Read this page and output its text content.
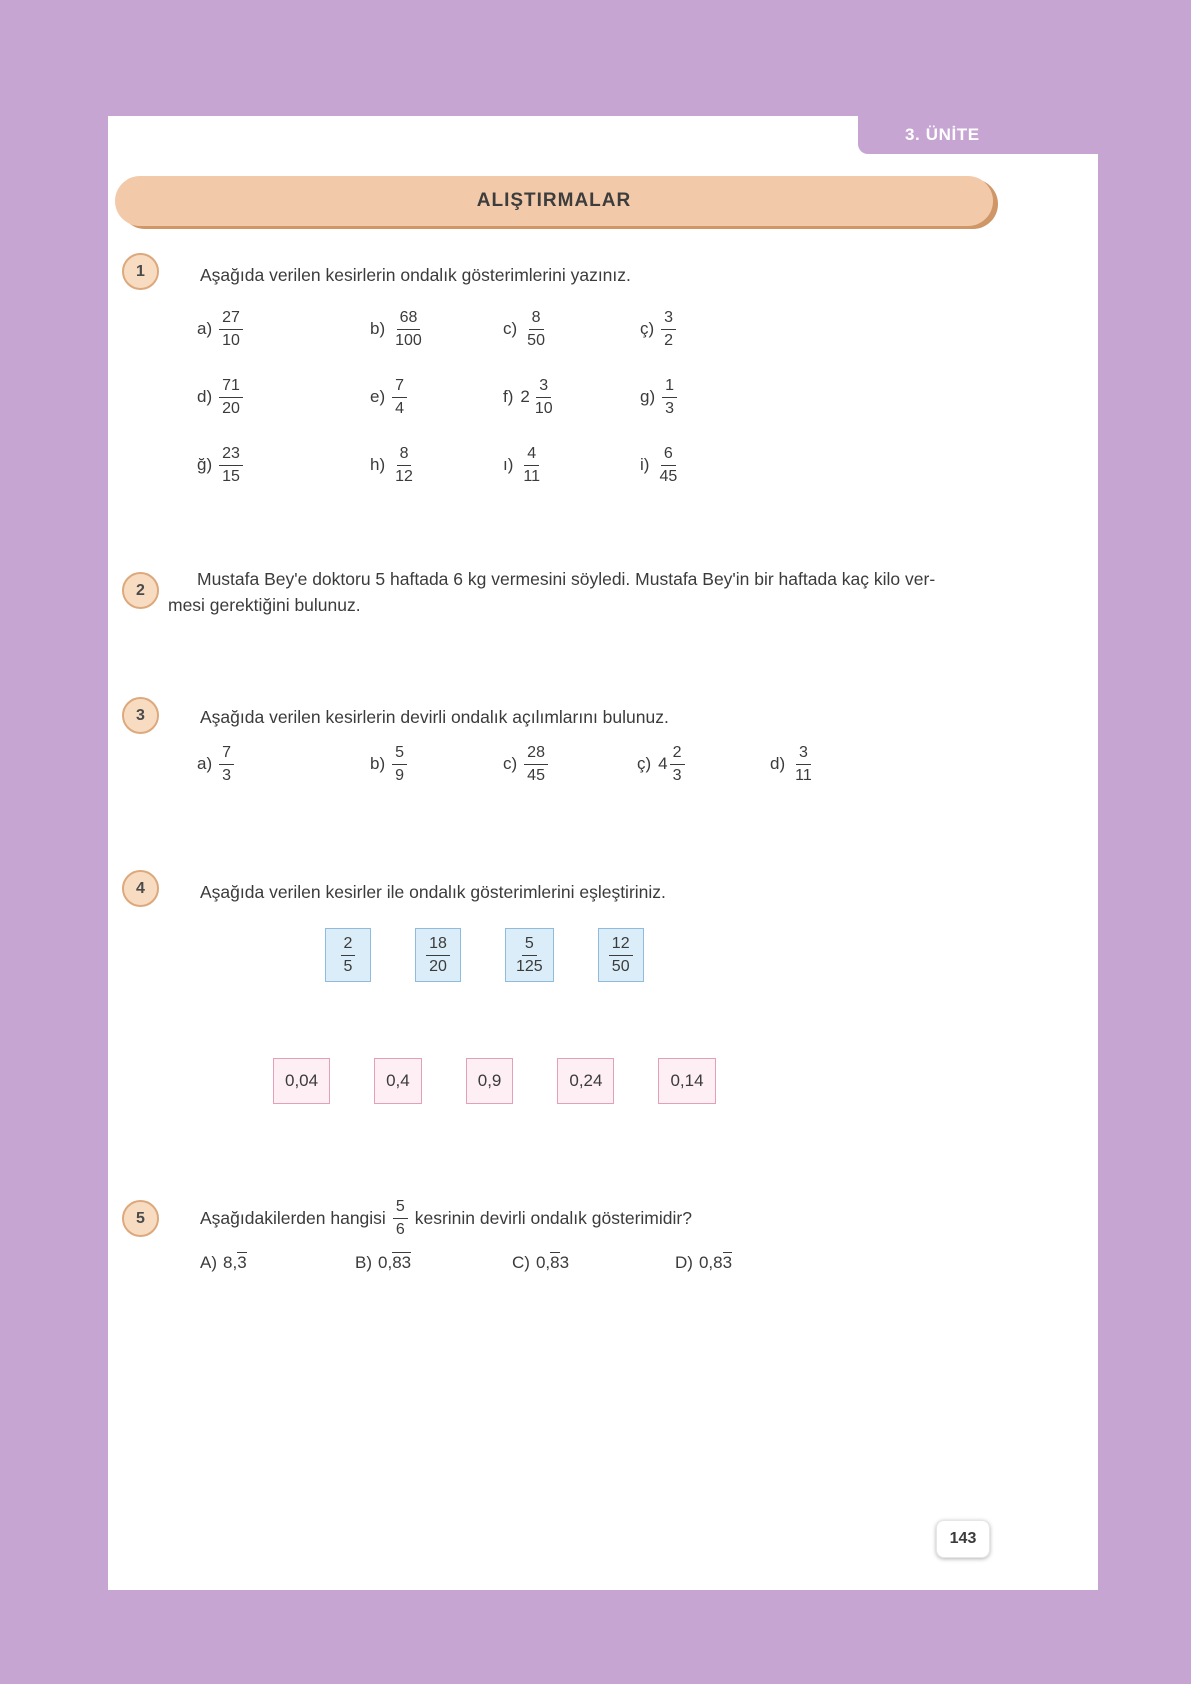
3. ÜNİTE
ALIŞTIRMALAR
1	Aşağıda verilen kesirlerin ondalık gösterimlerini yazınız.
$a) \frac{27}{10}$	$b) \frac{68}{100}$	$c) \frac{8}{50}$	ç) $\frac{3}{2}$
$d) \frac{71}{20}$	$e) \frac{7}{4}$	f) $2 \frac{3}{10}$	$g) \frac{1}{3}$
ğ) $\frac{23}{15}$	$h) \frac{8}{12}$	ı) $\frac{4}{11}$	$i) \frac{6}{45}$
2
Mustafa Bey'e doktoru 5 haftada 6 kg vermesini söyledi. Mustafa Bey'in bir haftada kaç kilo ver-
mesi gerektiğini bulunuz.
3	Aşağıda verilen kesirlerin devirli ondalık açılımlarını bulunuz.
$a) \frac{7}{3}$	$b) \frac{5}{9}$	$c) \frac{28}{45}$	ç) $4 \frac{2}{3}$	$d) \frac{3}{11}$
4	Aşağıda verilen kesirler ile ondalık gösterimlerini eşleştiriniz.
$\frac{2}{5}$	$\frac{18}{20}$	$\frac{5}{125}$	$\frac{12}{50}$
0,04	0,4	0,9	0,24	0,14
5	Aşağıdakilerden hangisi $\frac{5}{6}$ kesrinin devirli ondalık gösterimidir?
A) 8,3	B) 0,83	C) 0,83	D) 0,83
143
